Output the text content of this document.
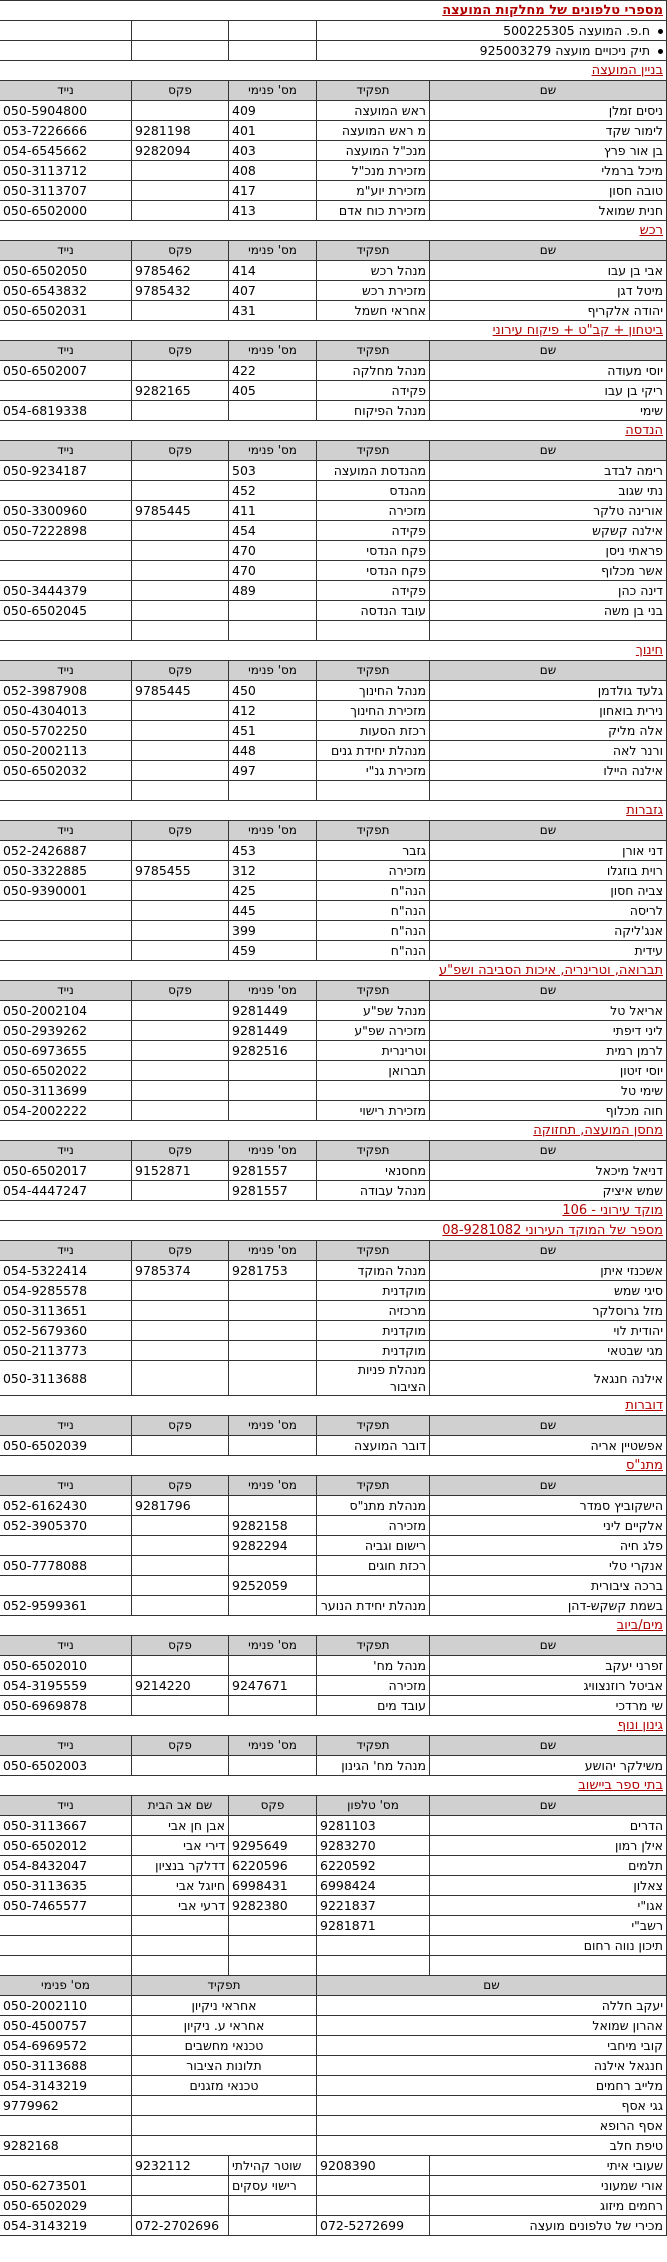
מספרי טלפונים של מחלקות המועצה				
ח.פ. המועצה 500225305				
תיק ניכויים מועצה 925003279				
בניין המועצה				
שם	תפקיד	מס' פנימי	פקס	נייד
ניסים זמלן	ראש המועצה	409		050-5904800
לימור שקד	מ ראש המועצה	401	9281198	053-7226666
בן אור פרץ	מנכ"ל המועצה	403	9282094	054-6545662
מיכל ברמלי	מזכירת מנכ"ל	408		050-3113712
טובה חסון	מזכירת יוע"מ	417		050-3113707
חנית שמואל	מזכירת כוח אדם	413		050-6502000
רכש				
שם	תפקיד	מס' פנימי	פקס	נייד
אבי בן עבו	מנהל רכש	414	9785462	050-6502050
מיטל דגן	מזכירת רכש	407	9785432	050-6543832
יהודה אלקריף	אחראי חשמל	431		050-6502031
ביטחון + קב"ט + פיקוח עירוני				
שם	תפקיד	מס' פנימי	פקס	נייד
יוסי מעודה	מנהל מחלקה	422		050-6502007
ריקי בן עבו	פקידה	405	9282165	
שימי	מנהל הפיקוח			054-6819338
הנדסה				
שם	תפקיד	מס' פנימי	פקס	נייד
רימה לבדב	מהנדסת המועצה	503		050-9234187
נתי שגוב	מהנדס	452		
אורינה טלקר	מזכירה	411	9785445	050-3300960
אילנה קשקש	פקידה	454		050-7222898
פראתי ניסן	פקח הנדסי	470		
אשר מכלוף	פקח הנדסי	470		
דינה כהן	פקידה	489		050-3444379
בני בן משה	עובד הנדסה			050-6502045

חינוך				
שם	תפקיד	מס' פנימי	פקס	נייד
גלעד גולדמן	מנהל החינוך	450	9785445	052-3987908
נירית בואחון	מזכירת החינוך	412		050-4304013
אלה מליק	רכזת הסעות	451		050-5702250
ורנר לאה	מנהלת יחידת גנים	448		050-2002113
אילנה היילו	מזכירת גנ"י	497		050-6502032

גזברות				
שם	תפקיד	מס' פנימי	פקס	נייד
דני אורן	גזבר	453		052-2426887
רוית בוזגלו	מזכירה	312	9785455	050-3322885
צביה חסון	הנה"ח	425		050-9390001
לריסה	הנה"ח	445		
אנג'ליקה	הנה"ח	399		
עידית	הנה"ח	459		
תברואה, וטרינריה, איכות הסביבה ושפ"ע				
שם	תפקיד	מס' פנימי	פקס	נייד
אריאל טל	מנהל שפ"ע	9281449		050-2002104
ליני דיפתי	מזכירה שפ"ע	9281449		050-2939262
לרמן רמית	וטרינרית	9282516		050-6973655
יוסי זיטון	תברואן			050-6502022
שימי טל				050-3113699
חוה מכלוף	מזכירת רישוי			054-2002222
מחסן המועצה, תחזוקה				
שם	תפקיד	מס' פנימי	פקס	נייד
דניאל מיכאל	מחסנאי	9281557	9152871	050-6502017
שמש איציק	מנהל עבודה	9281557		054-4447247
מוקד עירוני - 106				
מספר של המוקד העירוני 08-9281082				
שם	תפקיד	מס' פנימי	פקס	נייד
אשכנזי איתן	מנהל המוקד	9281753	9785374	054-5322414
סיגי שמש	מוקדנית			054-9285578
מזל גרוסלקר	מרכזיה			050-3113651
יהודית לוי	מוקדנית			052-5679360
מגי שבטאי	מוקדנית			050-2113773
אילנה חנגאל	מנהלת פניות הציבור			050-3113688
דוברות				
שם	תפקיד	מס' פנימי	פקס	נייד
אפשטיין אריה	דובר המועצה			050-6502039
מתנ"ס				
שם	תפקיד	מס' פנימי	פקס	נייד
הישקוביץ סמדר	מנהלת מתנ"ס		9281796	052-6162430
אלקיים ליני	מזכירה	9282158		052-3905370
פלג חיה	רישום וגביה	9282294		
אנקרי טלי	רכזת חוגים			050-7778088
ברכה ציבורית		9252059		
בשמת קשקש-דהן	מנהלת יחידת הנוער			052-9599361
מים/ביוב				
שם	תפקיד	מס' פנימי	פקס	נייד
זפרני יעקב	מנהל מח'			050-6502010
אביטל רוזנצוויג	מזכירה	9247671	9214220	054-3195559
שי מרדכי	עובד מים			050-6969878
גינון ונוף				
שם	תפקיד	מס' פנימי	פקס	נייד
משילקר יהושע	מנהל מח' הגינון			050-6502003
בתי ספר ביישוב				
שם	מס' טלפון	פקס	שם אב הבית	נייד
הדרים	9281103		אבן חן אבי	050-3113667
אילן רמון	9283270	9295649	דירי אבי	050-6502012
תלמים	6220592	6220596	דדלקר בנציון	054-8432047
צאלון	6998424	6998431	חיוגל אבי	050-3113635
אגו"י	9221837	9282380	דרעי אבי	050-7465577
רשב"י	9281871			
תיכון נווה רחום				

שם		תפקיד		מס' פנימי
יעקב חללה		אחראי ניקיון		050-2002110
אהרון שמואל		אחראי ע. ניקיון		050-4500757
קובי מיחבי		טכנאי מחשבים		054-6969572
חנגאל אילנה		תלונות הציבור		050-3113688
מלייב רחמים		טכנאי מזגנים		054-3143219
גגי אסף				9779962
אסף הרופא				
טיפת חלב				9282168
שעובי איתי	9208390	שוטר קהילתי	9232112	
אורי שמעוני		רישוי עסקים		050-6273501
רחמים מיזוג				050-6502029
מכירי של טלפונים מועצה	072-5272699		072-2702696	054-3143219
